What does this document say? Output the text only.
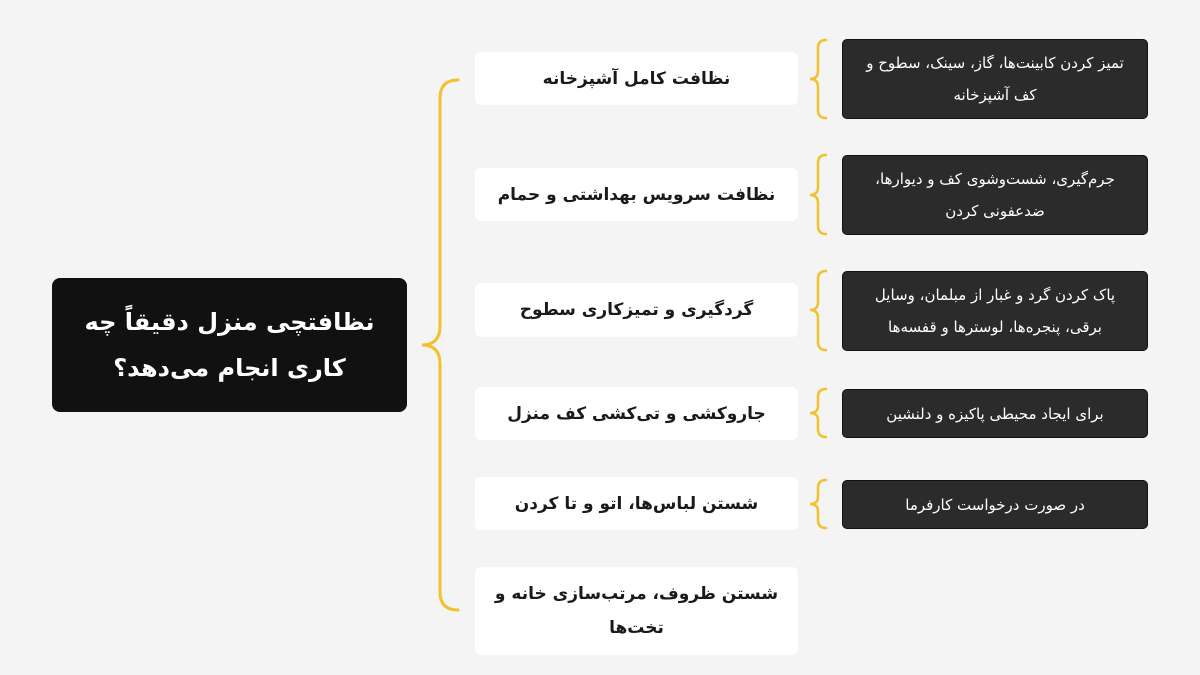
نظافتچی منزل دقیقاً چه کاری انجام می‌دهد؟
نظافت کامل آشپزخانه
نظافت سرویس بهداشتی و حمام
گردگیری و تمیزکاری سطوح
جاروکشی و تی‌کشی کف منزل
شستن لباس‌ها، اتو و تا کردن
شستن ظروف، مرتب‌سازی خانه و تخت‌ها
تمیز کردن کابینت‌ها، گاز، سینک، سطوح و کف آشپزخانه
جرم‌گیری، شست‌وشوی کف و دیوارها، ضدعفونی کردن
پاک کردن گرد و غبار از مبلمان، وسایل برقی، پنجره‌ها، لوسترها و قفسه‌ها
برای ایجاد محیطی پاکیزه و دلنشین
در صورت درخواست کارفرما
